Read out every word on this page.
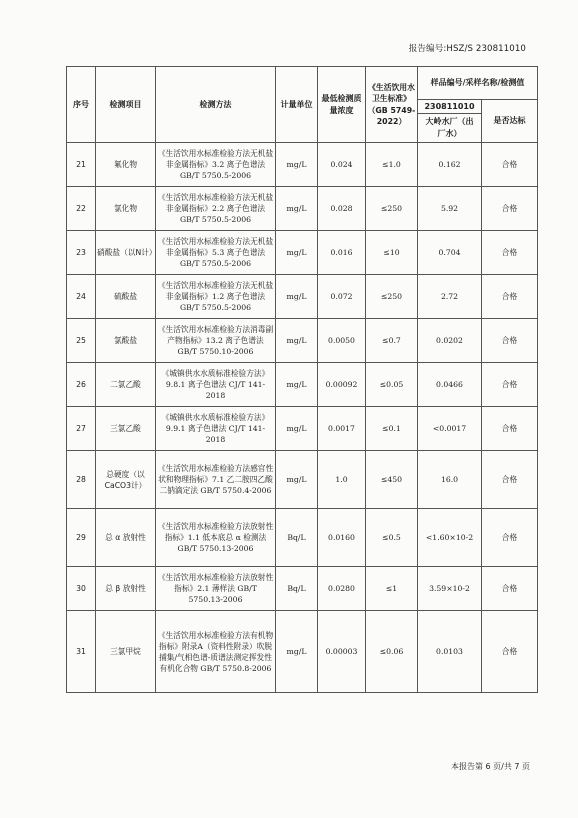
报告编号:HSZ/S 230811010
序号	检测项目	检测方法	计量单位	最低检测质量浓度	《生活饮用水卫生标准》（GB 5749-2022）	样品编号/采样名称/检测值	

						230811010
大岭水厂（出厂水）	是否达标
21	氟化物	《生活饮用水标准检验方法无机盐非金属指标》3.2 离子色谱法 GB/T 5750.5-2006	mg/L	0.024	≤1.0	0.162	合格
22	氯化物	《生活饮用水标准检验方法无机盐非金属指标》2.2 离子色谱法 GB/T 5750.5-2006	mg/L	0.028	≤250	5.92	合格
23	硝酸盐（以N计）	《生活饮用水标准检验方法无机盐非金属指标》5.3 离子色谱法 GB/T 5750.5-2006	mg/L	0.016	≤10	0.704	合格
24	硫酸盐	《生活饮用水标准检验方法无机盐非金属指标》1.2 离子色谱法 GB/T 5750.5-2006	mg/L	0.072	≤250	2.72	合格
25	氯酸盐	《生活饮用水标准检验方法消毒副产物指标》13.2 离子色谱法 GB/T 5750.10-2006	mg/L	0.0050	≤0.7	0.0202	合格
26	二氯乙酸	《城镇供水水质标准检验方法》 9.8.1 离子色谱法 CJ/T 141-2018	mg/L	0.00092	≤0.05	0.0466	合格
27	三氯乙酸	《城镇供水水质标准检验方法》 9.9.1 离子色谱法 CJ/T 141-2018	mg/L	0.0017	≤0.1	<0.0017	合格
28	总硬度（以CaCO3计）	《生活饮用水标准检验方法感官性状和物理指标》7.1 乙二胺四乙酸二钠滴定法 GB/T 5750.4-2006	mg/L	1.0	≤450	16.0	合格
29	总 α 放射性	《生活饮用水标准检验方法放射性指标》1.1 低本底总 α 检测法 GB/T 5750.13-2006	Bq/L	0.0160	≤0.5	<1.60×10-2	合格
30	总 β 放射性	《生活饮用水标准检验方法放射性指标》2.1 薄样法 GB/T 5750.13-2006	Bq/L	0.0280	≤1	3.59×10-2	合格
31	三氯甲烷	《生活饮用水标准检验方法有机物指标》附录A（资料性附录）吹脱捕集/气相色谱-质谱法测定挥发性有机化合物 GB/T 5750.8-2006	mg/L	0.00003	≤0.06	0.0103	合格
本报告第 6 页/共 7 页
